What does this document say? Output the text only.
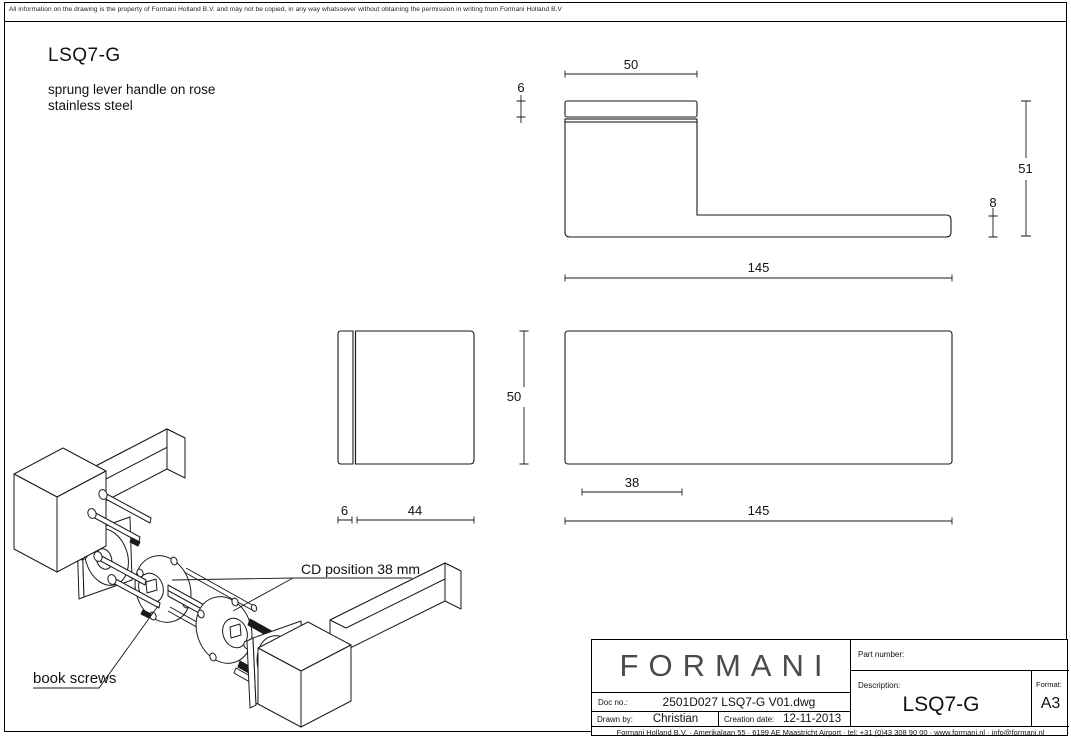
All information on the drawing is the property of Formani Holland B.V. and may not be copied, in any way whatsoever without obtaining the permission in writing from Formani Holland B.V
LSQ7-G
sprung lever handle on rose
stainless steel
50
6
51
8
145
50
6	44
38
145
CD position 38 mm
book screws	FORMANI
Doc no.:	2501D027 LSQ7-G V01.dwg
Drawn by:	Christian	Creation date: 12-11-2013
Part number:
Description:
LSQ7-G
Format:
A3
Formani Holland B.V. · Amerikalaan 55 · 6199 AE Maastricht Airport · tel: +31 (0)43 308 90 00 · www.formani.nl · info@formani.nl
